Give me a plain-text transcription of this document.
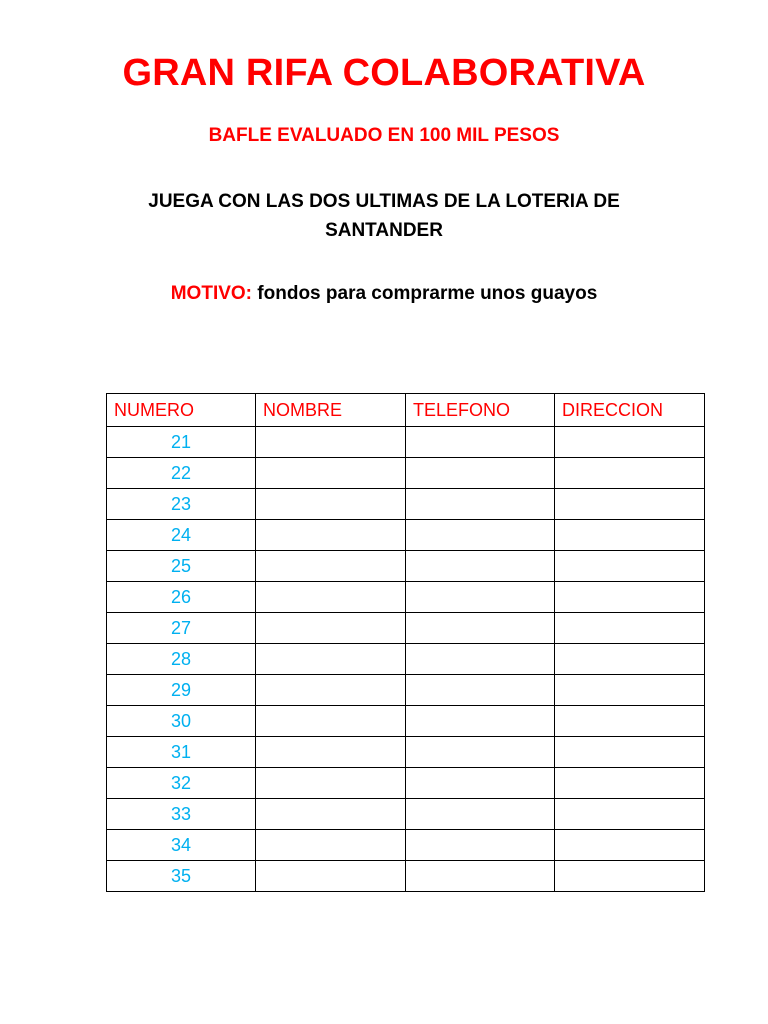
GRAN RIFA COLABORATIVA
BAFLE EVALUADO EN 100 MIL PESOS
JUEGA CON LAS DOS ULTIMAS DE LA LOTERIA DE SANTANDER
MOTIVO: fondos para comprarme unos guayos
NUMERO	NOMBRE	TELEFONO	DIRECCION
21			
22			
23			
24			
25			
26			
27			
28			
29			
30			
31			
32			
33			
34			
35			
